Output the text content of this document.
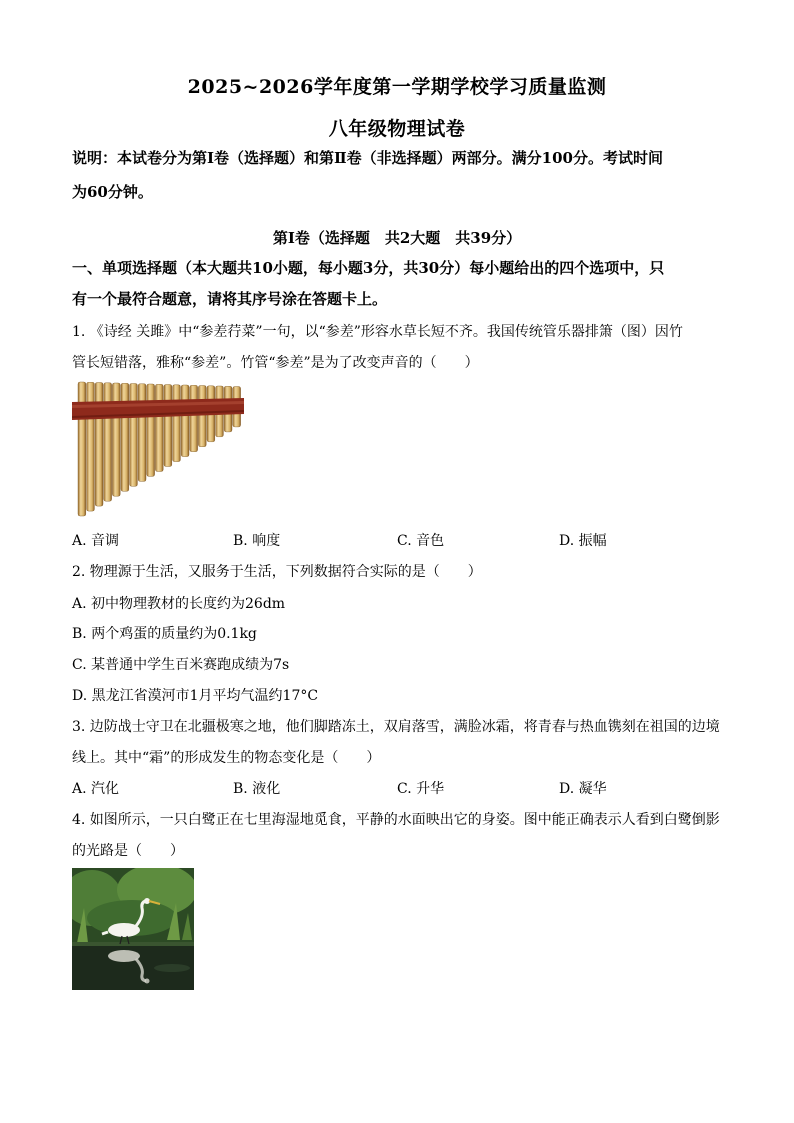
2025~2026学年度第一学期学校学习质量监测
八年级物理试卷
说明：本试卷分为第Ⅰ卷（选择题）和第Ⅱ卷（非选择题）两部分。满分100分。考试时间
为60分钟。
第Ⅰ卷（选择题　共2大题　共39分）
一、单项选择题（本大题共10小题，每小题3分，共30分）每小题给出的四个选项中，只
有一个最符合题意，请将其序号涂在答题卡上。
1. 《诗经 关雎》中“参差荇菜”一句，以“参差”形容水草长短不齐。我国传统管乐器排箫（图）因竹
管长短错落，雅称“参差”。竹管“参差”是为了改变声音的（　　）
A. 音调	B. 响度	C. 音色	D. 振幅
2. 物理源于生活，又服务于生活，下列数据符合实际的是（　　）
A. 初中物理教材的长度约为26dm
B. 两个鸡蛋的质量约为0.1kg
C. 某普通中学生百米赛跑成绩为7s
D. 黑龙江省漠河市1月平均气温约17°C
3. 边防战士守卫在北疆极寒之地，他们脚踏冻土，双肩落雪，满脸冰霜，将青春与热血镌刻在祖国的边境
线上。其中“霜”的形成发生的物态变化是（　　）
A. 汽化	B. 液化	C. 升华	D. 凝华
4. 如图所示，一只白鹭正在七里海湿地觅食，平静的水面映出它的身姿。图中能正确表示人看到白鹭倒影
的光路是（　　）
